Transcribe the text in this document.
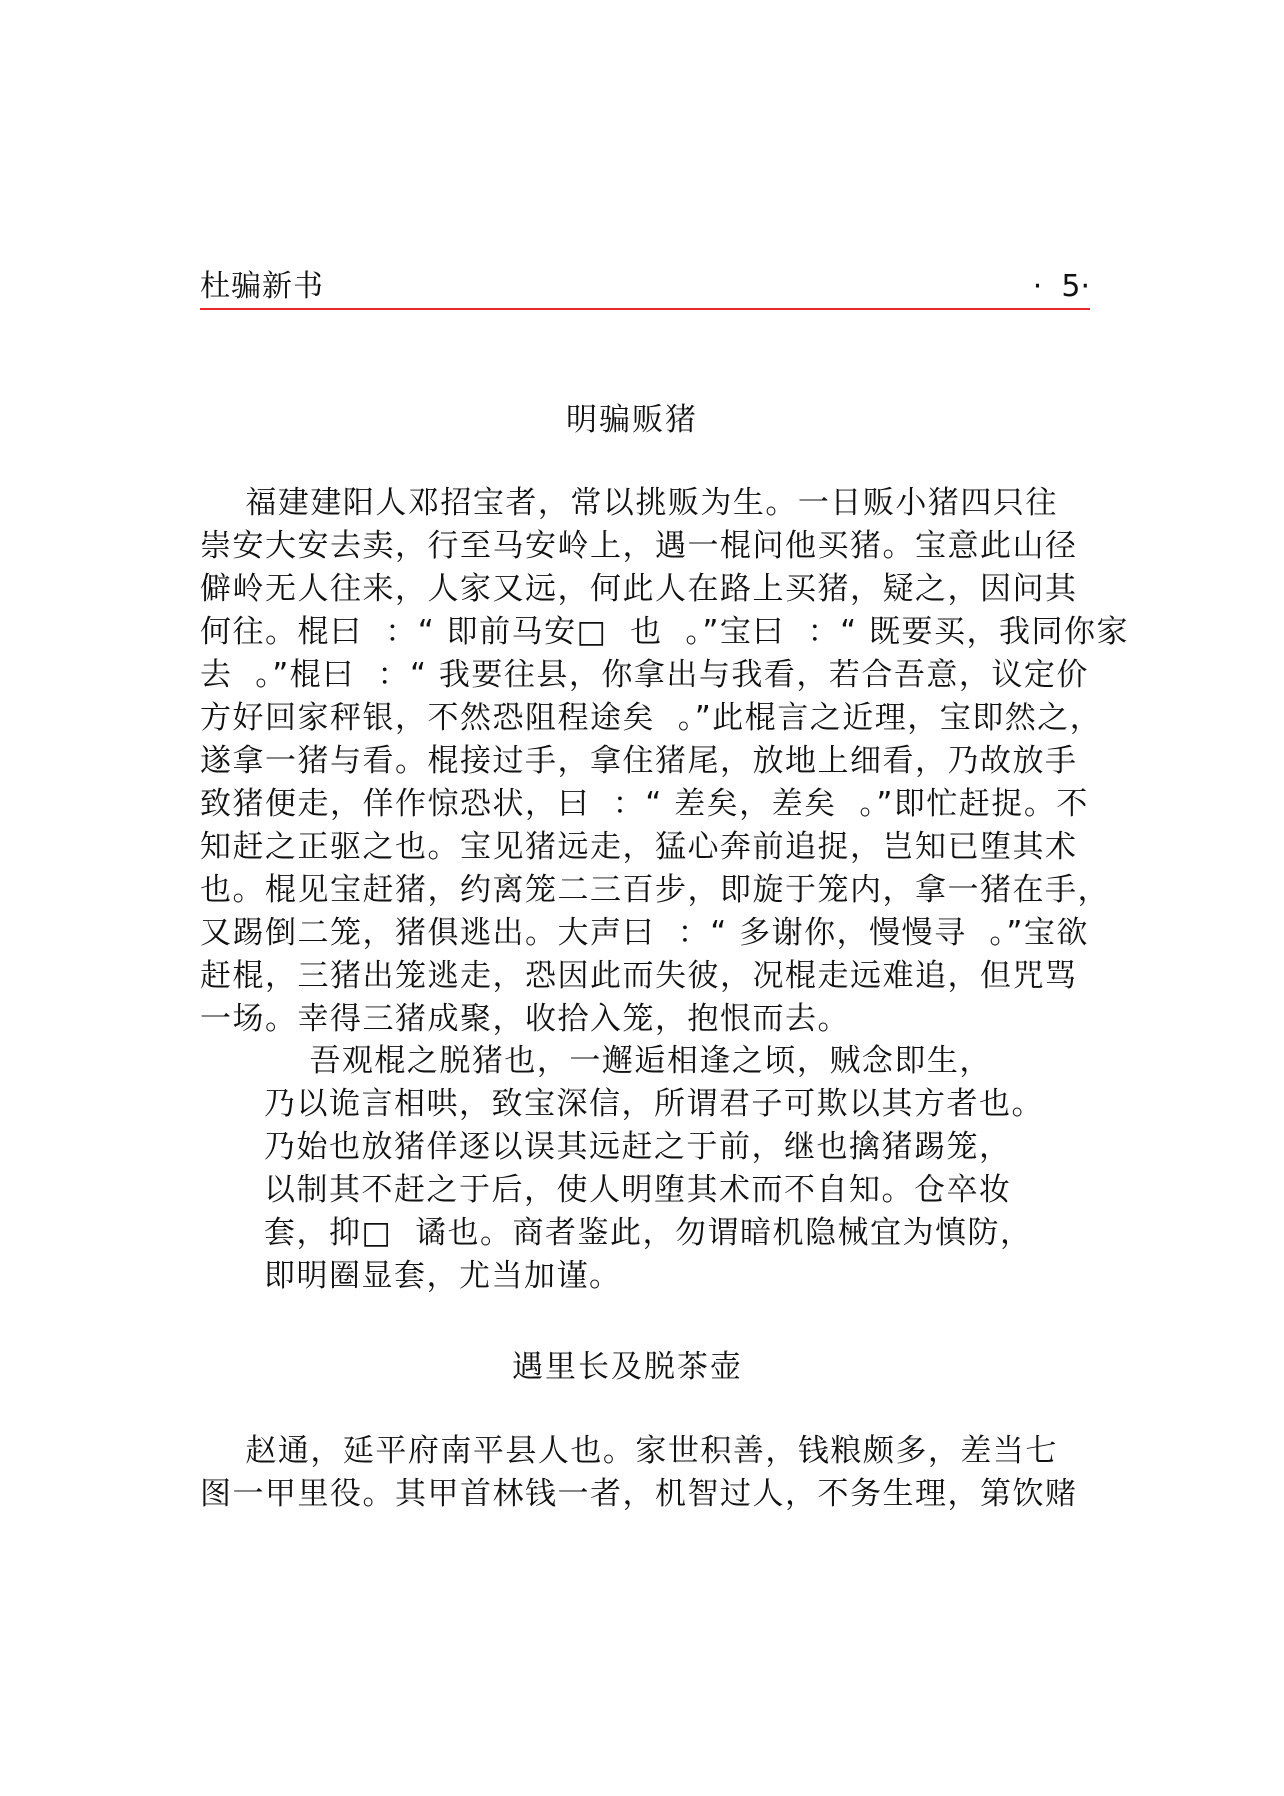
杜骗新书	·  5·
明骗贩猪
福建建阳人邓招宝者，常以挑贩为生。一日贩小猪四只往
崇安大安去卖，行至马安岭上，遇一棍问他买猪。宝意此山径
僻岭无人往来，人家又远，何此人在路上买猪，疑之，因问其
何往。棍曰  ：“ 即前马安□  也  。”宝曰  ：“ 既要买，我同你家
去  。”棍曰  ：“ 我要往县，你拿出与我看，若合吾意，议定价
方好回家秤银，不然恐阻程途矣  。”此棍言之近理，宝即然之，
遂拿一猪与看。棍接过手，拿住猪尾，放地上细看，乃故放手
致猪便走，佯作惊恐状，曰  ：“ 差矣，差矣  。”即忙赶捉。不
知赶之正驱之也。宝见猪远走，猛心奔前追捉，岂知已堕其术
也。棍见宝赶猪，约离笼二三百步，即旋于笼内，拿一猪在手，
又踢倒二笼，猪俱逃出。大声曰  ：“ 多谢你，慢慢寻  。”宝欲
赶棍，三猪出笼逃走，恐因此而失彼，况棍走远难追，但咒骂
一场。幸得三猪成聚，收拾入笼，抱恨而去。
吾观棍之脱猪也，一邂逅相逢之顷，贼念即生，
乃以诡言相哄，致宝深信，所谓君子可欺以其方者也。
乃始也放猪佯逐以误其远赶之于前，继也擒猪踢笼，
以制其不赶之于后，使人明堕其术而不自知。仓卒妆
套，抑□  谲也。商者鉴此，勿谓暗机隐械宜为慎防，
即明圈显套，尤当加谨。
遇里长及脱茶壶
赵通，延平府南平县人也。家世积善，钱粮颇多，差当七
图一甲里役。其甲首林钱一者，机智过人，不务生理，第饮赌
